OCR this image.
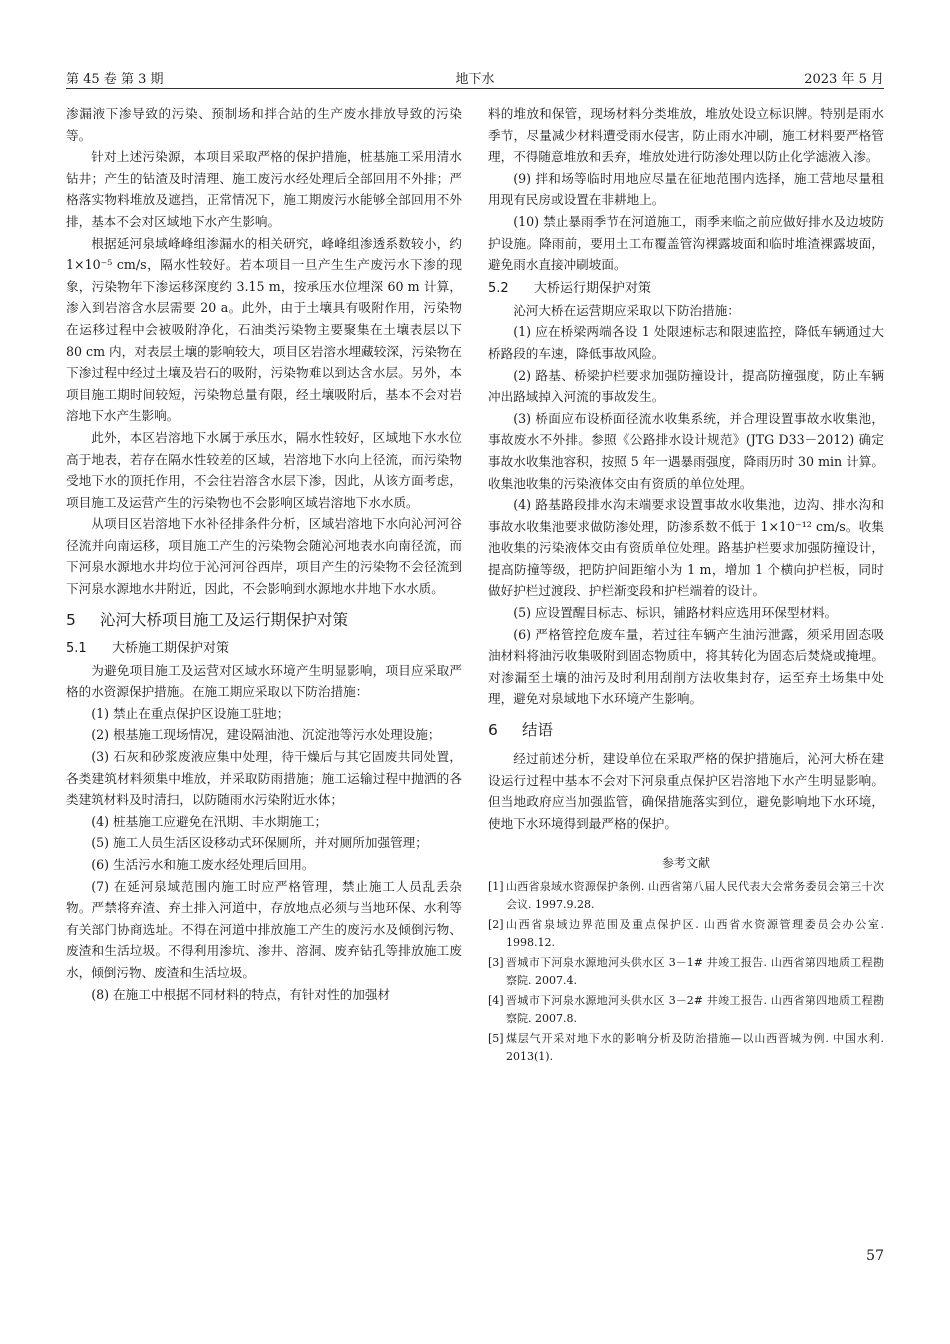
第 45 卷 第 3 期	地下水	2023 年 5 月

渗漏液下渗导致的污染、预制场和拌合站的生产废水排放导致的污染等。

针对上述污染源，本项目采取严格的保护措施，桩基施工采用清水钻井；产生的钻渣及时清理、施工废污水经处理后全部回用不外排；严格落实物料堆放及遮挡，正常情况下，施工期废污水能够全部回用不外排，基本不会对区域地下水产生影响。

根据延河泉域峰峰组渗漏水的相关研究，峰峰组渗透系数较小，约 1×10⁻⁵ cm/s，隔水性较好。若本项目一旦产生生产废污水下渗的现象，污染物年下渗运移深度约 3.15 m，按承压水位埋深 60 m 计算，渗入到岩溶含水层需要 20 a。此外，由于土壤具有吸附作用，污染物在运移过程中会被吸附净化，石油类污染物主要聚集在土壤表层以下 80 cm 内，对表层土壤的影响较大，项目区岩溶水埋藏较深，污染物在下渗过程中经过土壤及岩石的吸附，污染物难以到达含水层。另外，本项目施工期时间较短，污染物总量有限，经土壤吸附后，基本不会对岩溶地下水产生影响。

此外，本区岩溶地下水属于承压水，隔水性较好，区域地下水水位高于地表，若存在隔水性较差的区域，岩溶地下水向上径流，而污染物受地下水的顶托作用，不会往岩溶含水层下渗，因此，从该方面考虑，项目施工及运营产生的污染物也不会影响区域岩溶地下水水质。

从项目区岩溶地下水补径排条件分析，区域岩溶地下水向沁河河谷径流并向南运移，项目施工产生的污染物会随沁河地表水向南径流，而下河泉水源地水井均位于沁河河谷西岸，项目产生的污染物不会径流到下河泉水源地水井附近，因此，不会影响到水源地水井地下水水质。

5 沁河大桥项目施工及运行期保护对策
5.1 大桥施工期保护对策

为避免项目施工及运营对区域水环境产生明显影响，项目应采取严格的水资源保护措施。在施工期应采取以下防治措施：

(1) 禁止在重点保护区设施工驻地；

(2) 根基施工现场情况，建设隔油池、沉淀池等污水处理设施；

(3) 石灰和砂浆废液应集中处理，待干燥后与其它固废共同处置，各类建筑材料须集中堆放，并采取防雨措施；施工运输过程中抛洒的各类建筑材料及时清扫，以防随雨水污染附近水体；

(4) 桩基施工应避免在汛期、丰水期施工；

(5) 施工人员生活区设移动式环保厕所，并对厕所加强管理；

(6) 生活污水和施工废水经处理后回用。

(7) 在延河泉域范围内施工时应严格管理，禁止施工人员乱丢杂物。严禁将弃渣、弃土排入河道中，存放地点必须与当地环保、水利等有关部门协商选址。不得在河道中排放施工产生的废污水及倾倒污物、废渣和生活垃圾。不得利用渗坑、渗井、溶洞、废弃钻孔等排放施工废水，倾倒污物、废渣和生活垃圾。

(8) 在施工中根据不同材料的特点，有针对性的加强材

料的堆放和保管，现场材料分类堆放，堆放处设立标识牌。特别是雨水季节，尽量减少材料遭受雨水侵害，防止雨水冲刷，施工材料要严格管理，不得随意堆放和丢弃，堆放处进行防渗处理以防止化学滤液入渗。

(9) 拌和场等临时用地应尽量在征地范围内选择，施工营地尽量租用现有民房或设置在非耕地上。

(10) 禁止暴雨季节在河道施工，雨季来临之前应做好排水及边坡防护设施。降雨前，要用土工布覆盖管沟裸露坡面和临时堆渣裸露坡面，避免雨水直接冲刷坡面。

5.2 大桥运行期保护对策

沁河大桥在运营期应采取以下防治措施：

(1) 应在桥梁两端各设 1 处限速标志和限速监控，降低车辆通过大桥路段的车速，降低事故风险。

(2) 路基、桥梁护栏要求加强防撞设计，提高防撞强度，防止车辆冲出路域掉入河流的事故发生。

(3) 桥面应布设桥面径流水收集系统，并合理设置事故水收集池，事故废水不外排。参照《公路排水设计规范》(JTG D33－2012) 确定事故水收集池容积，按照 5 年一遇暴雨强度，降雨历时 30 min 计算。收集池收集的污染液体交由有资质的单位处理。

(4) 路基路段排水沟末端要求设置事故水收集池，边沟、排水沟和事故水收集池要求做防渗处理，防渗系数不低于 1×10⁻¹² cm/s。收集池收集的污染液体交由有资质单位处理。路基护栏要求加强防撞设计，提高防撞等级，把防护间距缩小为 1 m，增加 1 个横向护栏板，同时做好护栏过渡段、护栏渐变段和护栏端着的设计。

(5) 应设置醒目标志、标识，铺路材料应选用环保型材料。

(6) 严格管控危废车量，若过往车辆产生油污泄露，须采用固态吸油材料将油污收集吸附到固态物质中，将其转化为固态后焚烧或掩埋。对渗漏至土壤的油污及时利用刮削方法收集封存，运至弃土场集中处理，避免对泉域地下水环境产生影响。

6 结语

经过前述分析，建设单位在采取严格的保护措施后，沁河大桥在建设运行过程中基本不会对下河泉重点保护区岩溶地下水产生明显影响。但当地政府应当加强监管，确保措施落实到位，避免影响地下水环境，使地下水环境得到最严格的保护。

参考文献
[1] 山西省泉域水资源保护条例. 山西省第八届人民代表大会常务委员会第三十次会议. 1997.9.28.
[2] 山西省泉域边界范围及重点保护区. 山西省水资源管理委员会办公室. 1998.12.
[3] 晋城市下河泉水源地河头供水区 3－1# 井竣工报告. 山西省第四地质工程勘察院. 2007.4.
[4] 晋城市下河泉水源地河头供水区 3－2# 井竣工报告. 山西省第四地质工程勘察院. 2007.8.
[5] 煤层气开采对地下水的影响分析及防治措施—以山西晋城为例. 中国水利. 2013(1).
57
